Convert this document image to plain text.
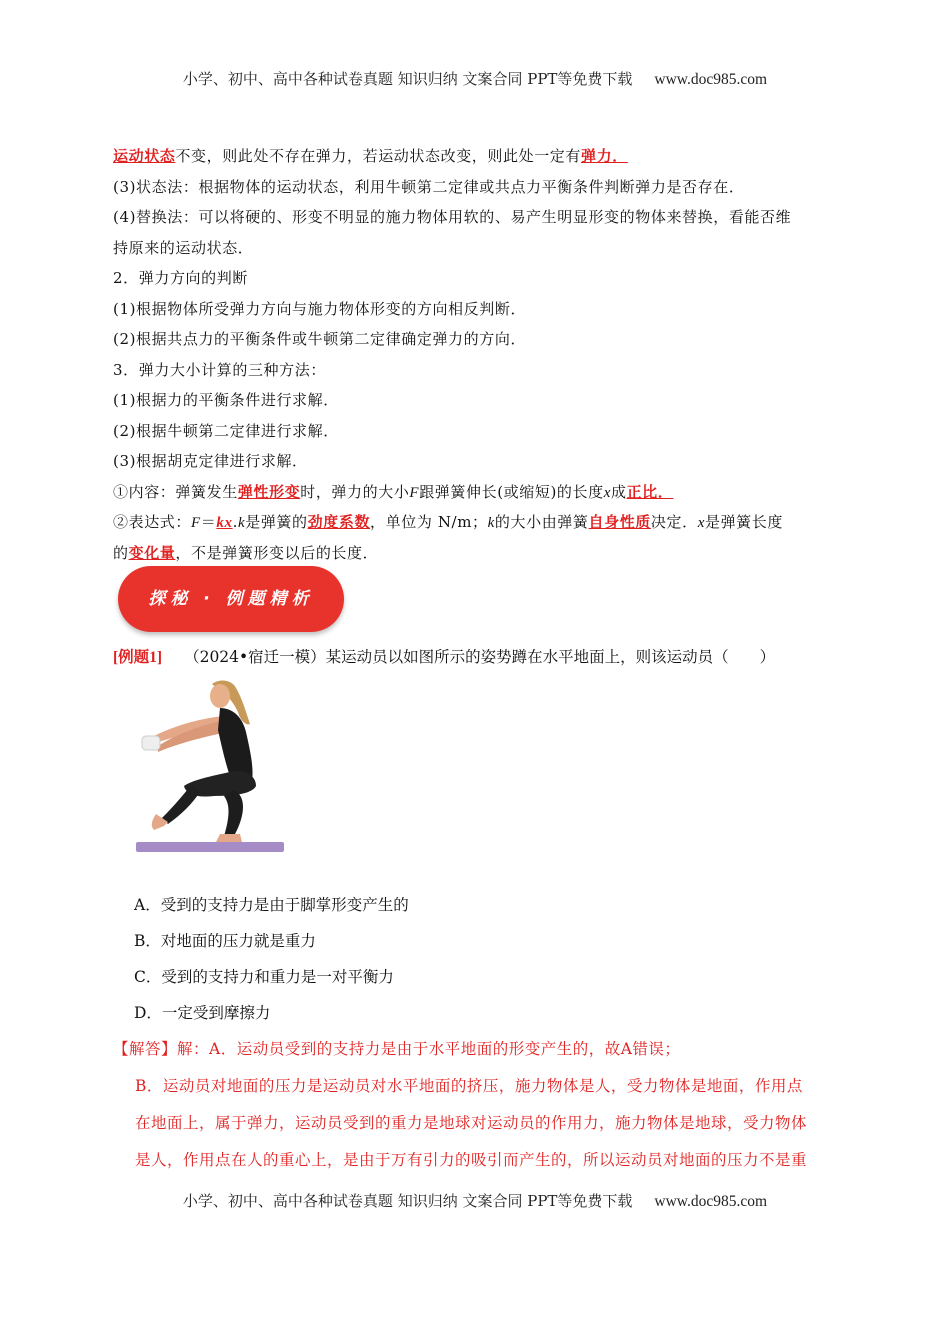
小学、初中、高中各种试卷真题 知识归纳 文案合同 PPT等免费下载 www.doc985.com
运动状态不变，则此处不存在弹力，若运动状态改变，则此处一定有弹力．
(3)状态法：根据物体的运动状态，利用牛顿第二定律或共点力平衡条件判断弹力是否存在．
(4)替换法：可以将硬的、形变不明显的施力物体用软的、易产生明显形变的物体来替换，看能否维
持原来的运动状态．
2．弹力方向的判断
(1)根据物体所受弹力方向与施力物体形变的方向相反判断．
(2)根据共点力的平衡条件或牛顿第二定律确定弹力的方向．
3．弹力大小计算的三种方法：
(1)根据力的平衡条件进行求解．
(2)根据牛顿第二定律进行求解．
(3)根据胡克定律进行求解．
①内容：弹簧发生弹性形变时，弹力的大小F跟弹簧伸长(或缩短)的长度x成正比．
②表达式：F＝kx.k是弹簧的劲度系数，单位为 N/m；k的大小由弹簧自身性质决定．x是弹簧长度
的变化量，不是弹簧形变以后的长度．
探秘 · 例题精析
[例题1] （2024•宿迁一模）某运动员以如图所示的姿势蹲在水平地面上，则该运动员（　　）
A．受到的支持力是由于脚掌形变产生的
B．对地面的压力就是重力
C．受到的支持力和重力是一对平衡力
D．一定受到摩擦力
【解答】解：A．运动员受到的支持力是由于水平地面的形变产生的，故A错误；
B．运动员对地面的压力是运动员对水平地面的挤压，施力物体是人，受力物体是地面，作用点
在地面上，属于弹力，运动员受到的重力是地球对运动员的作用力，施力物体是地球，受力物体
是人，作用点在人的重心上，是由于万有引力的吸引而产生的，所以运动员对地面的压力不是重
小学、初中、高中各种试卷真题 知识归纳 文案合同 PPT等免费下载 www.doc985.com
